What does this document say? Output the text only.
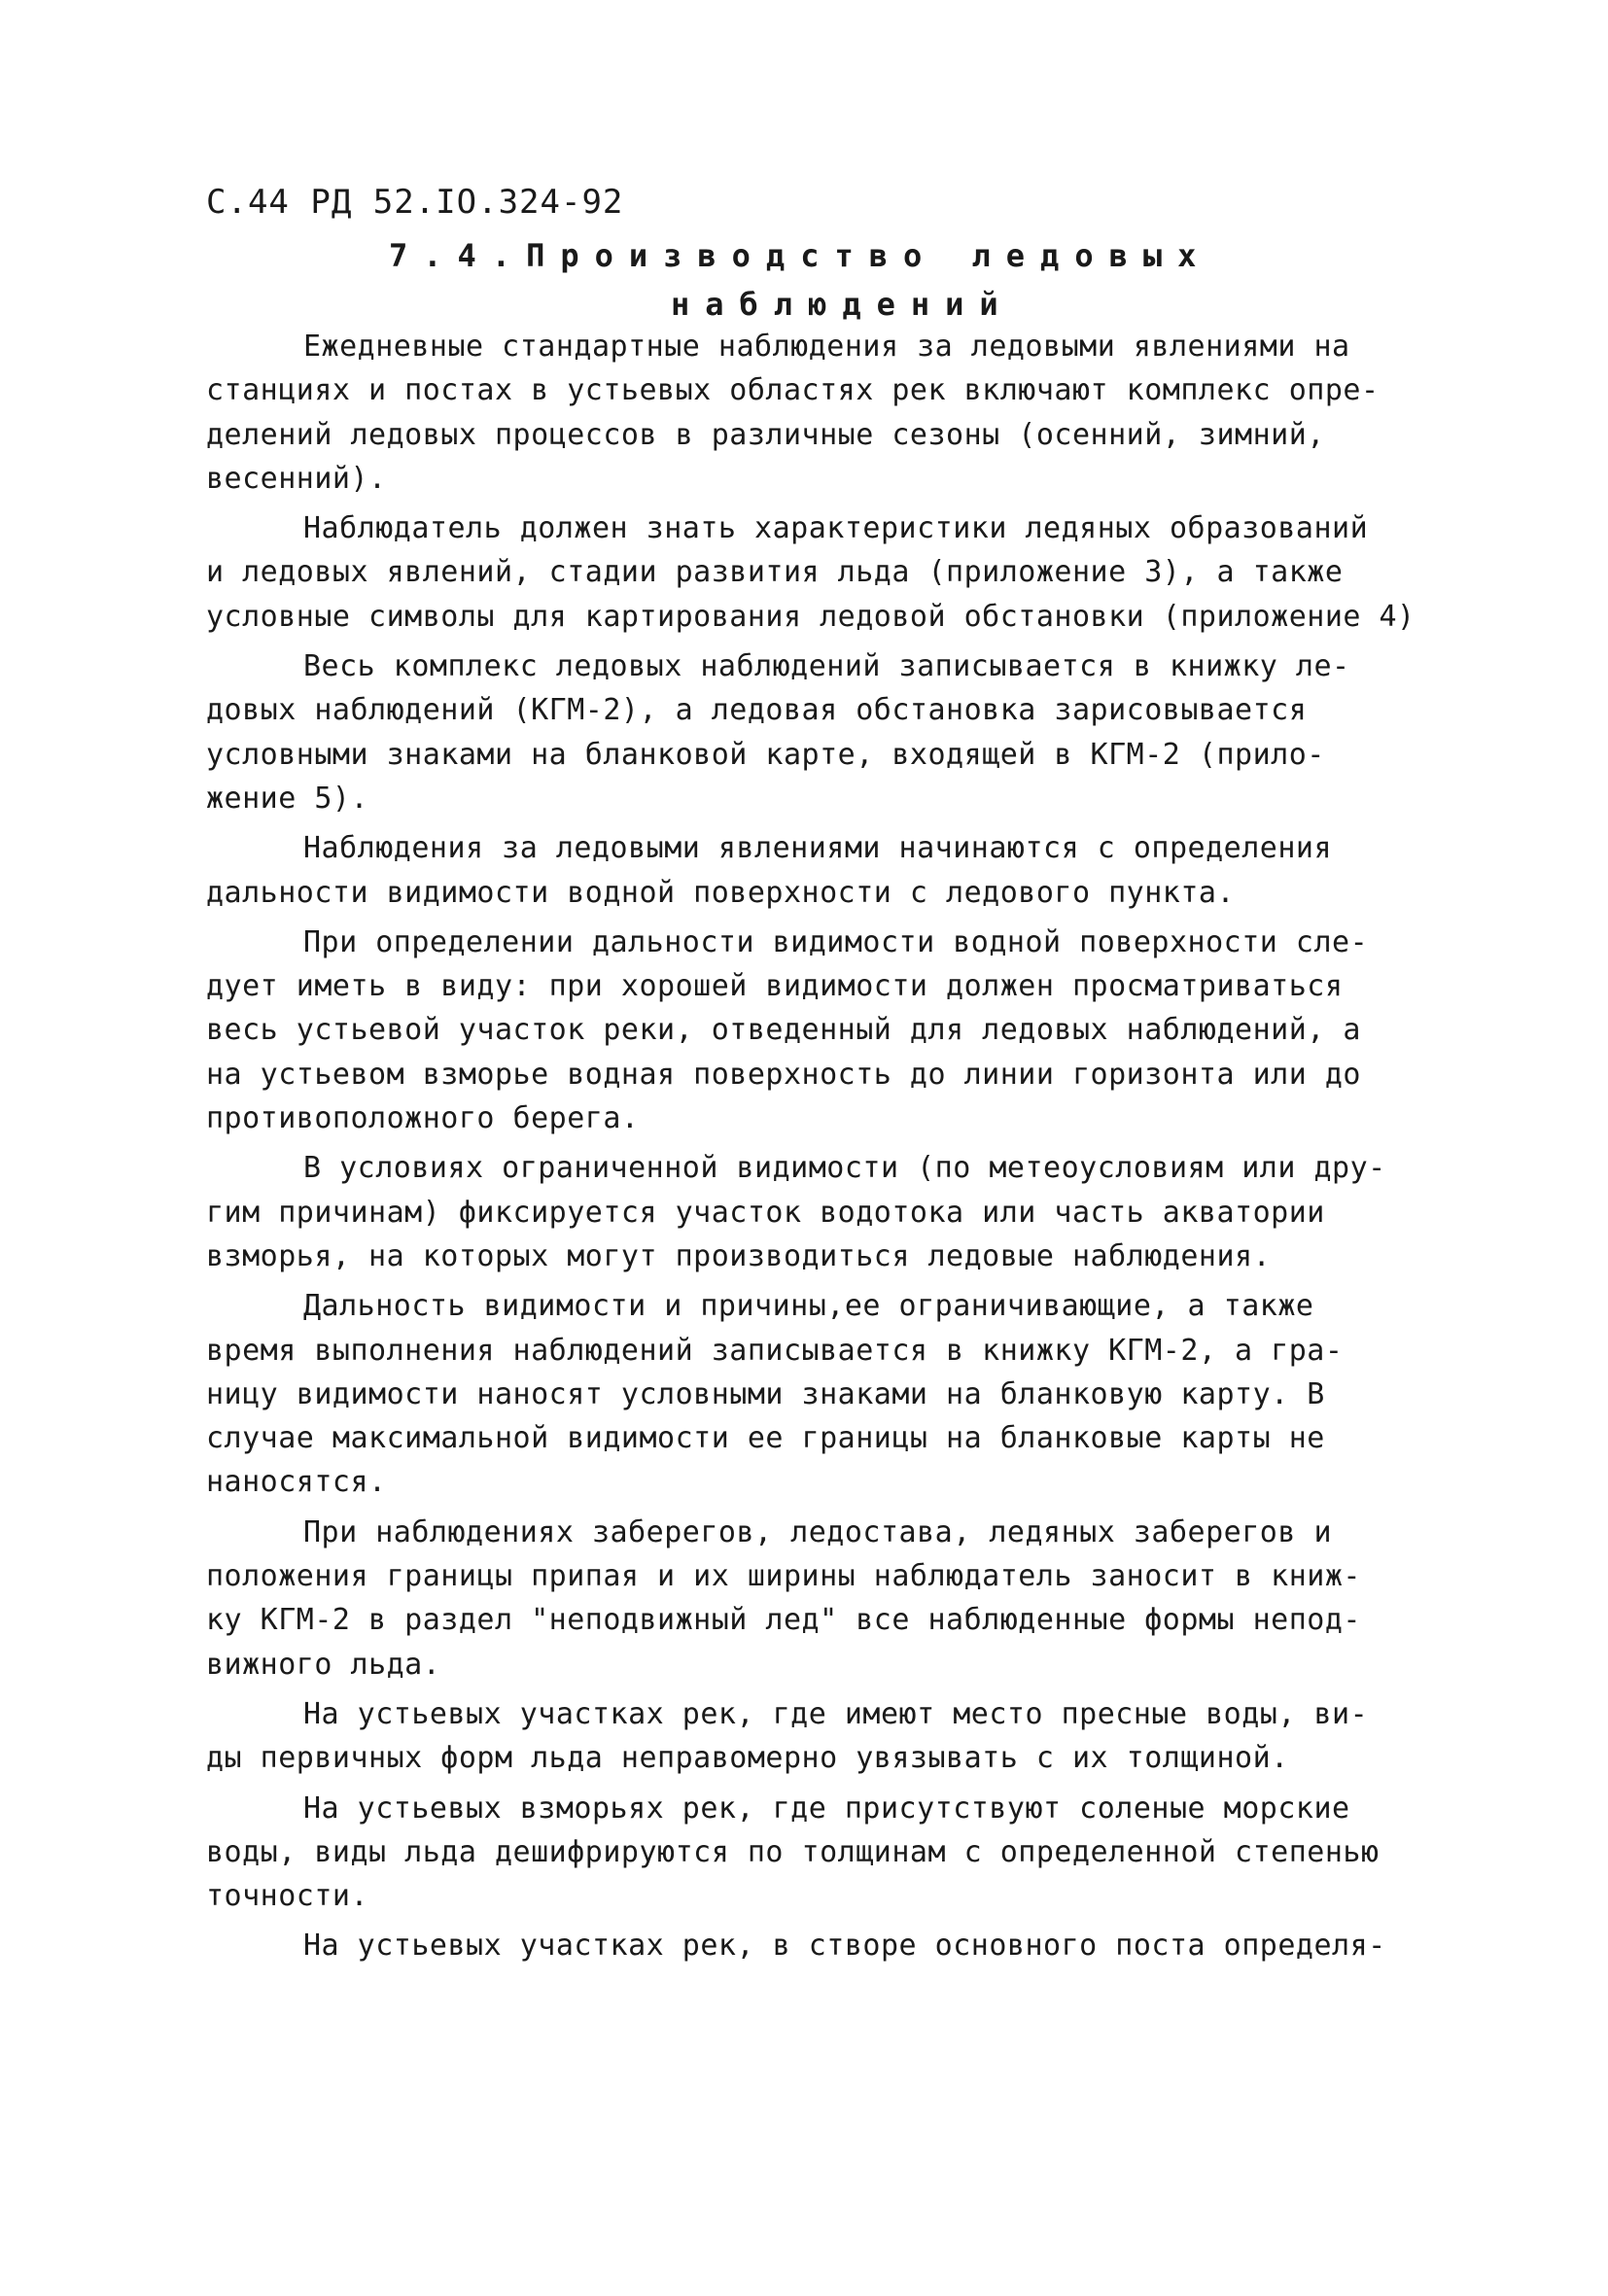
С.44 РД 52.IO.324-92
7.4.Производство ледовых
наблюдений
Ежедневные стандартные наблюдения за ледовыми явлениями на
станциях и постах в устьевых областях рек включают комплекс опре-
делений ледовых процессов в различные сезоны (осенний, зимний,
весенний).
Наблюдатель должен знать характеристики ледяных образований
и ледовых явлений, стадии развития льда (приложение 3), а также
условные символы для картирования ледовой обстановки (приложение 4)
Весь комплекс ледовых наблюдений записывается в книжку ле-
довых наблюдений (КГМ-2), а ледовая обстановка зарисовывается
условными знаками на бланковой карте, входящей в КГМ-2 (прило-
жение 5).
Наблюдения за ледовыми явлениями начинаются с определения
дальности видимости водной поверхности с ледового пункта.
При определении дальности видимости водной поверхности сле-
дует иметь в виду: при хорошей видимости должен просматриваться
весь устьевой участок реки, отведенный для ледовых наблюдений, а
на устьевом взморье водная поверхность до линии горизонта или до
противоположного берега.
В условиях ограниченной видимости (по метеоусловиям или дру-
гим причинам) фиксируется участок водотока или часть акватории
взморья, на которых могут производиться ледовые наблюдения.
Дальность видимости и причины,ее ограничивающие, а также
время выполнения наблюдений записывается в книжку КГМ-2, а гра-
ницу видимости наносят условными знаками на бланковую карту. В
случае максимальной видимости ее границы на бланковые карты не
наносятся.
При наблюдениях заберегов, ледостава, ледяных заберегов и
положения границы припая и их ширины наблюдатель заносит в книж-
ку КГМ-2 в раздел "неподвижный лед" все наблюденные формы непод-
вижного льда.
На устьевых участках рек, где имеют место пресные воды, ви-
ды первичных форм льда неправомерно увязывать с их толщиной.
На устьевых взморьях рек, где присутствуют соленые морские
воды, виды льда дешифрируются по толщинам с определенной степенью
точности.
На устьевых участках рек, в створе основного поста определя-
